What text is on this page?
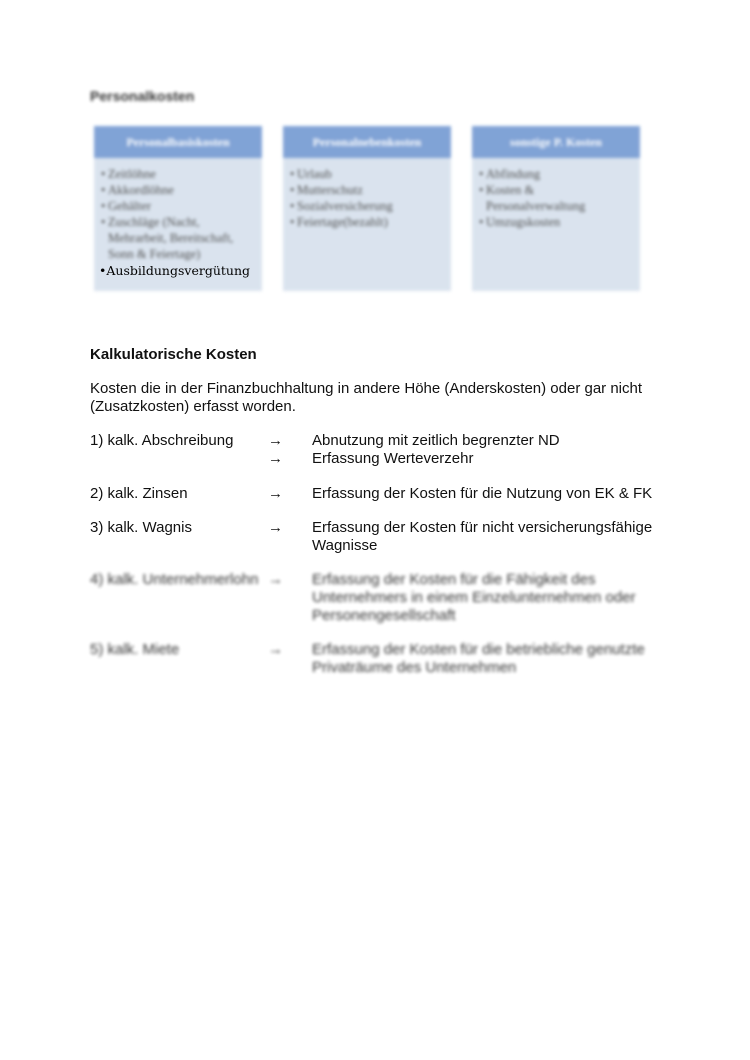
Personalkosten
Personalbasiskosten
• Zeitlöhne
• Akkordlöhne
• Gehälter
• Zuschläge (Nacht, Mehrarbeit, Bereitschaft, Sonn & Feiertage)
Personalnebenkosten
• Urlaub
• Mutterschutz
• Sozialversicherung
• Feiertage(bezahlt)
sonstige P. Kosten
• Abfindung
• Kosten & Personalverwaltung
• Umzugskosten
•Ausbildungsvergütung
Kalkulatorische Kosten
Kosten die in der Finanzbuchhaltung in andere Höhe (Anderskosten) oder gar nicht (Zusatzkosten) erfasst worden.
1) kalk. Abschreibung → Abnutzung mit zeitlich begrenzter ND
→ Erfassung Werteverzehr
2) kalk. Zinsen	→ Erfassung der Kosten für die Nutzung von EK & FK
3) kalk. Wagnis	→ Erfassung der Kosten für nicht versicherungsfähige Wagnisse
4) kalk. Unternehmerlohn → Erfassung der Kosten für die Fähigkeit des Unternehmers in einem Einzelunternehmen oder Personengesellschaft
5) kalk. Miete	→ Erfassung der Kosten für die betriebliche genutzte Privaträume des Unternehmen
